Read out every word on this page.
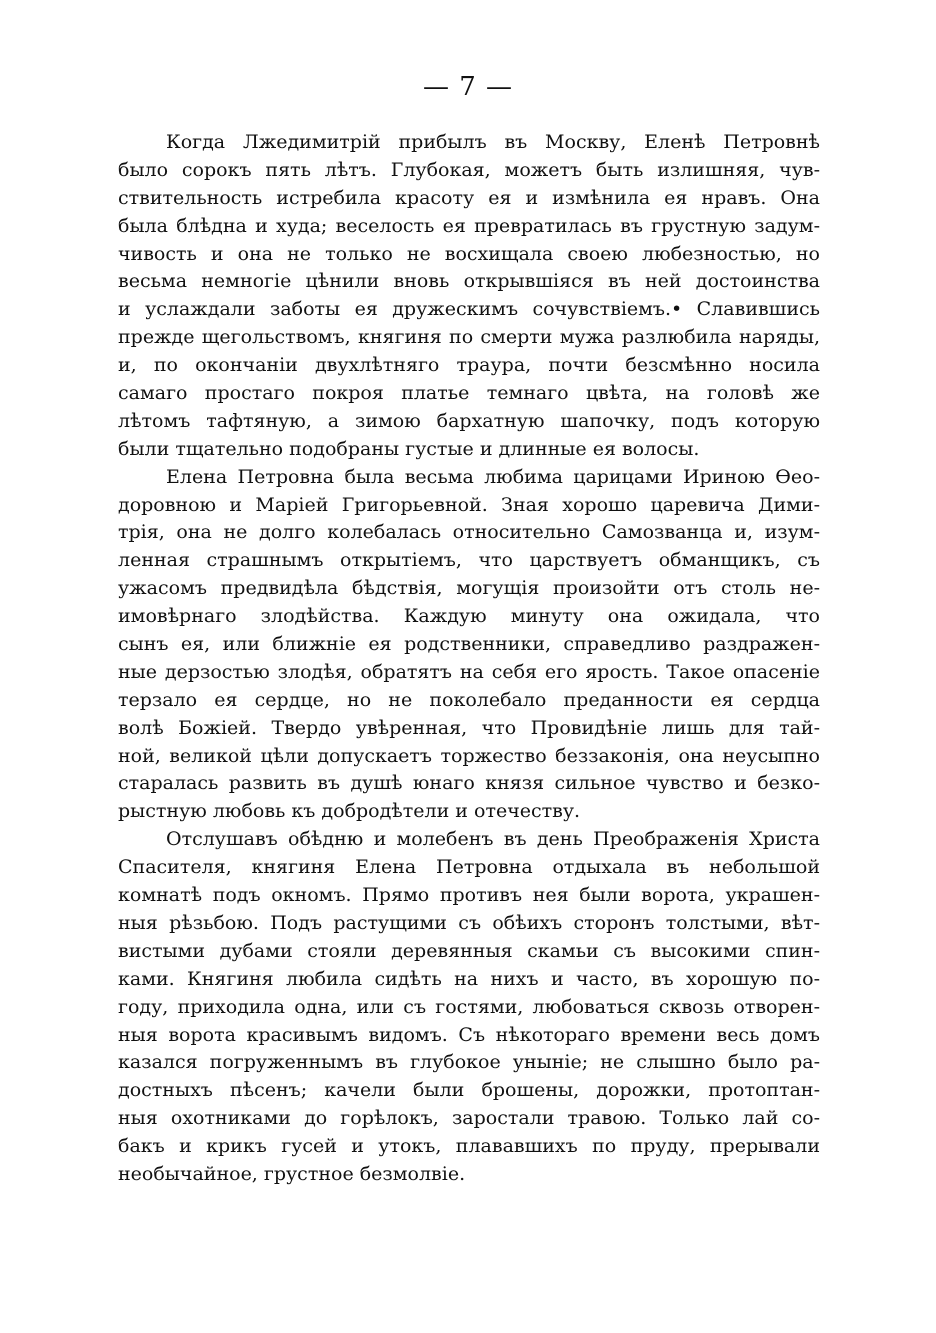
— 7 —
Когда Лжедимитрій прибылъ въ Москву, Еленѣ Петровнѣ
было сорокъ пять лѣтъ. Глубокая, можетъ быть излишняя, чув-
ствительность истребила красоту ея и измѣнила ея нравъ. Она
была блѣдна и худа; веселость ея превратилась въ грустную задум-
чивость и она не только не восхищала своею любезностью, но
весьма немногіе цѣнили вновь открывшіяся въ ней достоинства
и услаждали заботы ея дружескимъ сочувствіемъ.• Славившись
прежде щегольствомъ, княгиня по смерти мужа разлюбила наряды,
и, по окончаніи двухлѣтняго траура, почти безсмѣнно носила
самаго простаго покроя платье темнаго цвѣта, на головѣ же
лѣтомъ тафтяную, а зимою бархатную шапочку, подъ которую
были тщательно подобраны густые и длинные ея волосы.
Елена Петровна была весьма любима царицами Ириною Ѳео-
доровною и Маріей Григорьевной. Зная хорошо царевича Дими-
трія, она не долго колебалась относительно Самозванца и, изум-
ленная страшнымъ открытіемъ, что царствуетъ обманщикъ, съ
ужасомъ предвидѣла бѣдствія, могущія произойти отъ столь не-
имовѣрнаго злодѣйства. Каждую минуту она ожидала, что
сынъ ея, или ближніе ея родственники, справедливо раздражен-
ные дерзостью злодѣя, обратятъ на себя его ярость. Такое опасеніе
терзало ея сердце, но не поколебало преданности ея сердца
волѣ Божіей. Твердо увѣренная, что Провидѣніе лишь для тай-
ной, великой цѣли допускаетъ торжество беззаконія, она неусыпно
старалась развить въ душѣ юнаго князя сильное чувство и безко-
рыстную любовь къ добродѣтели и отечеству.
Отслушавъ обѣдню и молебенъ въ день Преображенія Христа
Спасителя, княгиня Елена Петровна отдыхала въ небольшой
комнатѣ подъ окномъ. Прямо противъ нея были ворота, украшен-
ныя рѣзьбою. Подъ растущими съ обѣихъ сторонъ толстыми, вѣт-
вистыми дубами стояли деревянныя скамьи съ высокими спин-
ками. Княгиня любила сидѣть на нихъ и часто, въ хорошую по-
году, приходила одна, или съ гостями, любоваться сквозь отворен-
ныя ворота красивымъ видомъ. Съ нѣкотораго времени весь домъ
казался погруженнымъ въ глубокое уныніе; не слышно было ра-
достныхъ пѣсенъ; качели были брошены, дорожки, протоптан-
ныя охотниками до горѣлокъ, заростали травою. Только лай со-
бакъ и крикъ гусей и утокъ, плававшихъ по пруду, прерывали
необычайное, грустное безмолвіе.
